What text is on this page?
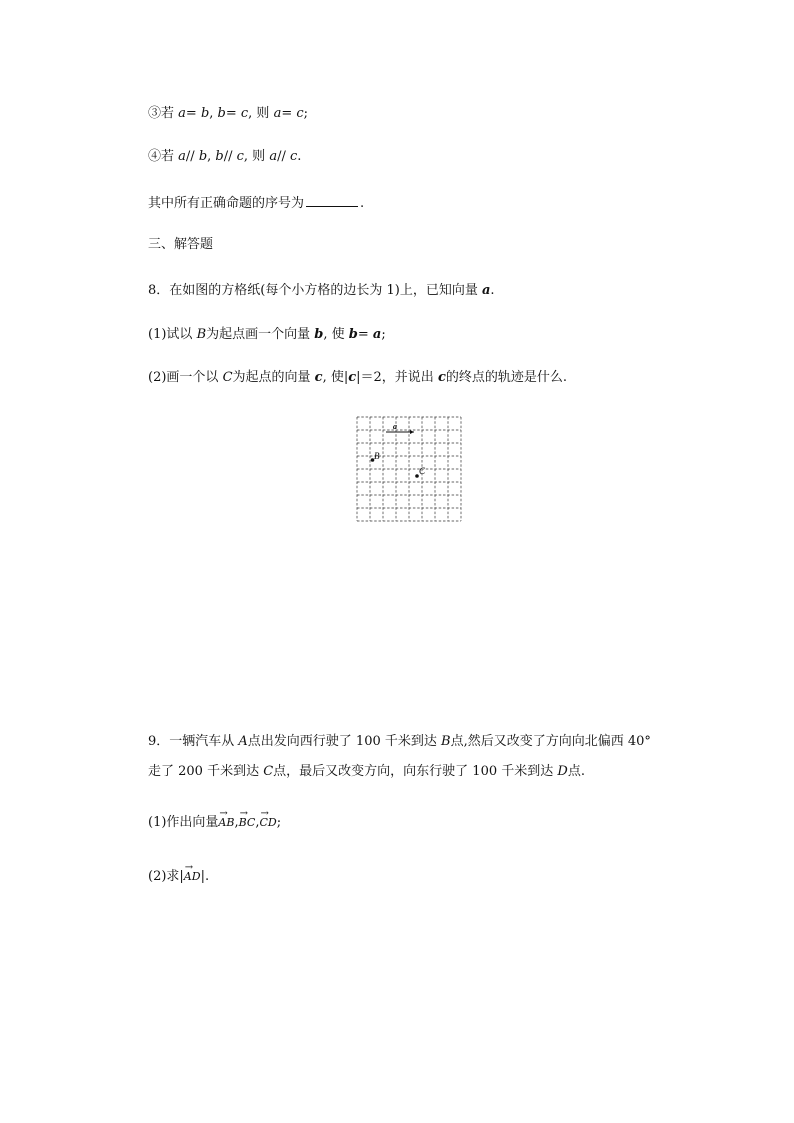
③若 a= b, b= c, 则 a= c;
④若 a// b, b// c, 则 a// c.
其中所有正确命题的序号为	.
三、解答题
8．在如图的方格纸(每个小方格的边长为 1)上，已知向量 a.
(1)试以 B为起点画一个向量 b, 使 b= a;
(2)画一个以 C为起点的向量 c, 使|c|＝2，并说出 c的终点的轨迹是什么.
a
B
C
9．一辆汽车从 A点出发向西行驶了 100 千米到达 B点,然后又改变了方向向北偏西 40°
走了 200 千米到达 C点，最后又改变方向，向东行驶了 100 千米到达 D点.
(1)作出向量→ AB,→ BC,→ CD;
(2)求|→ AD|.
